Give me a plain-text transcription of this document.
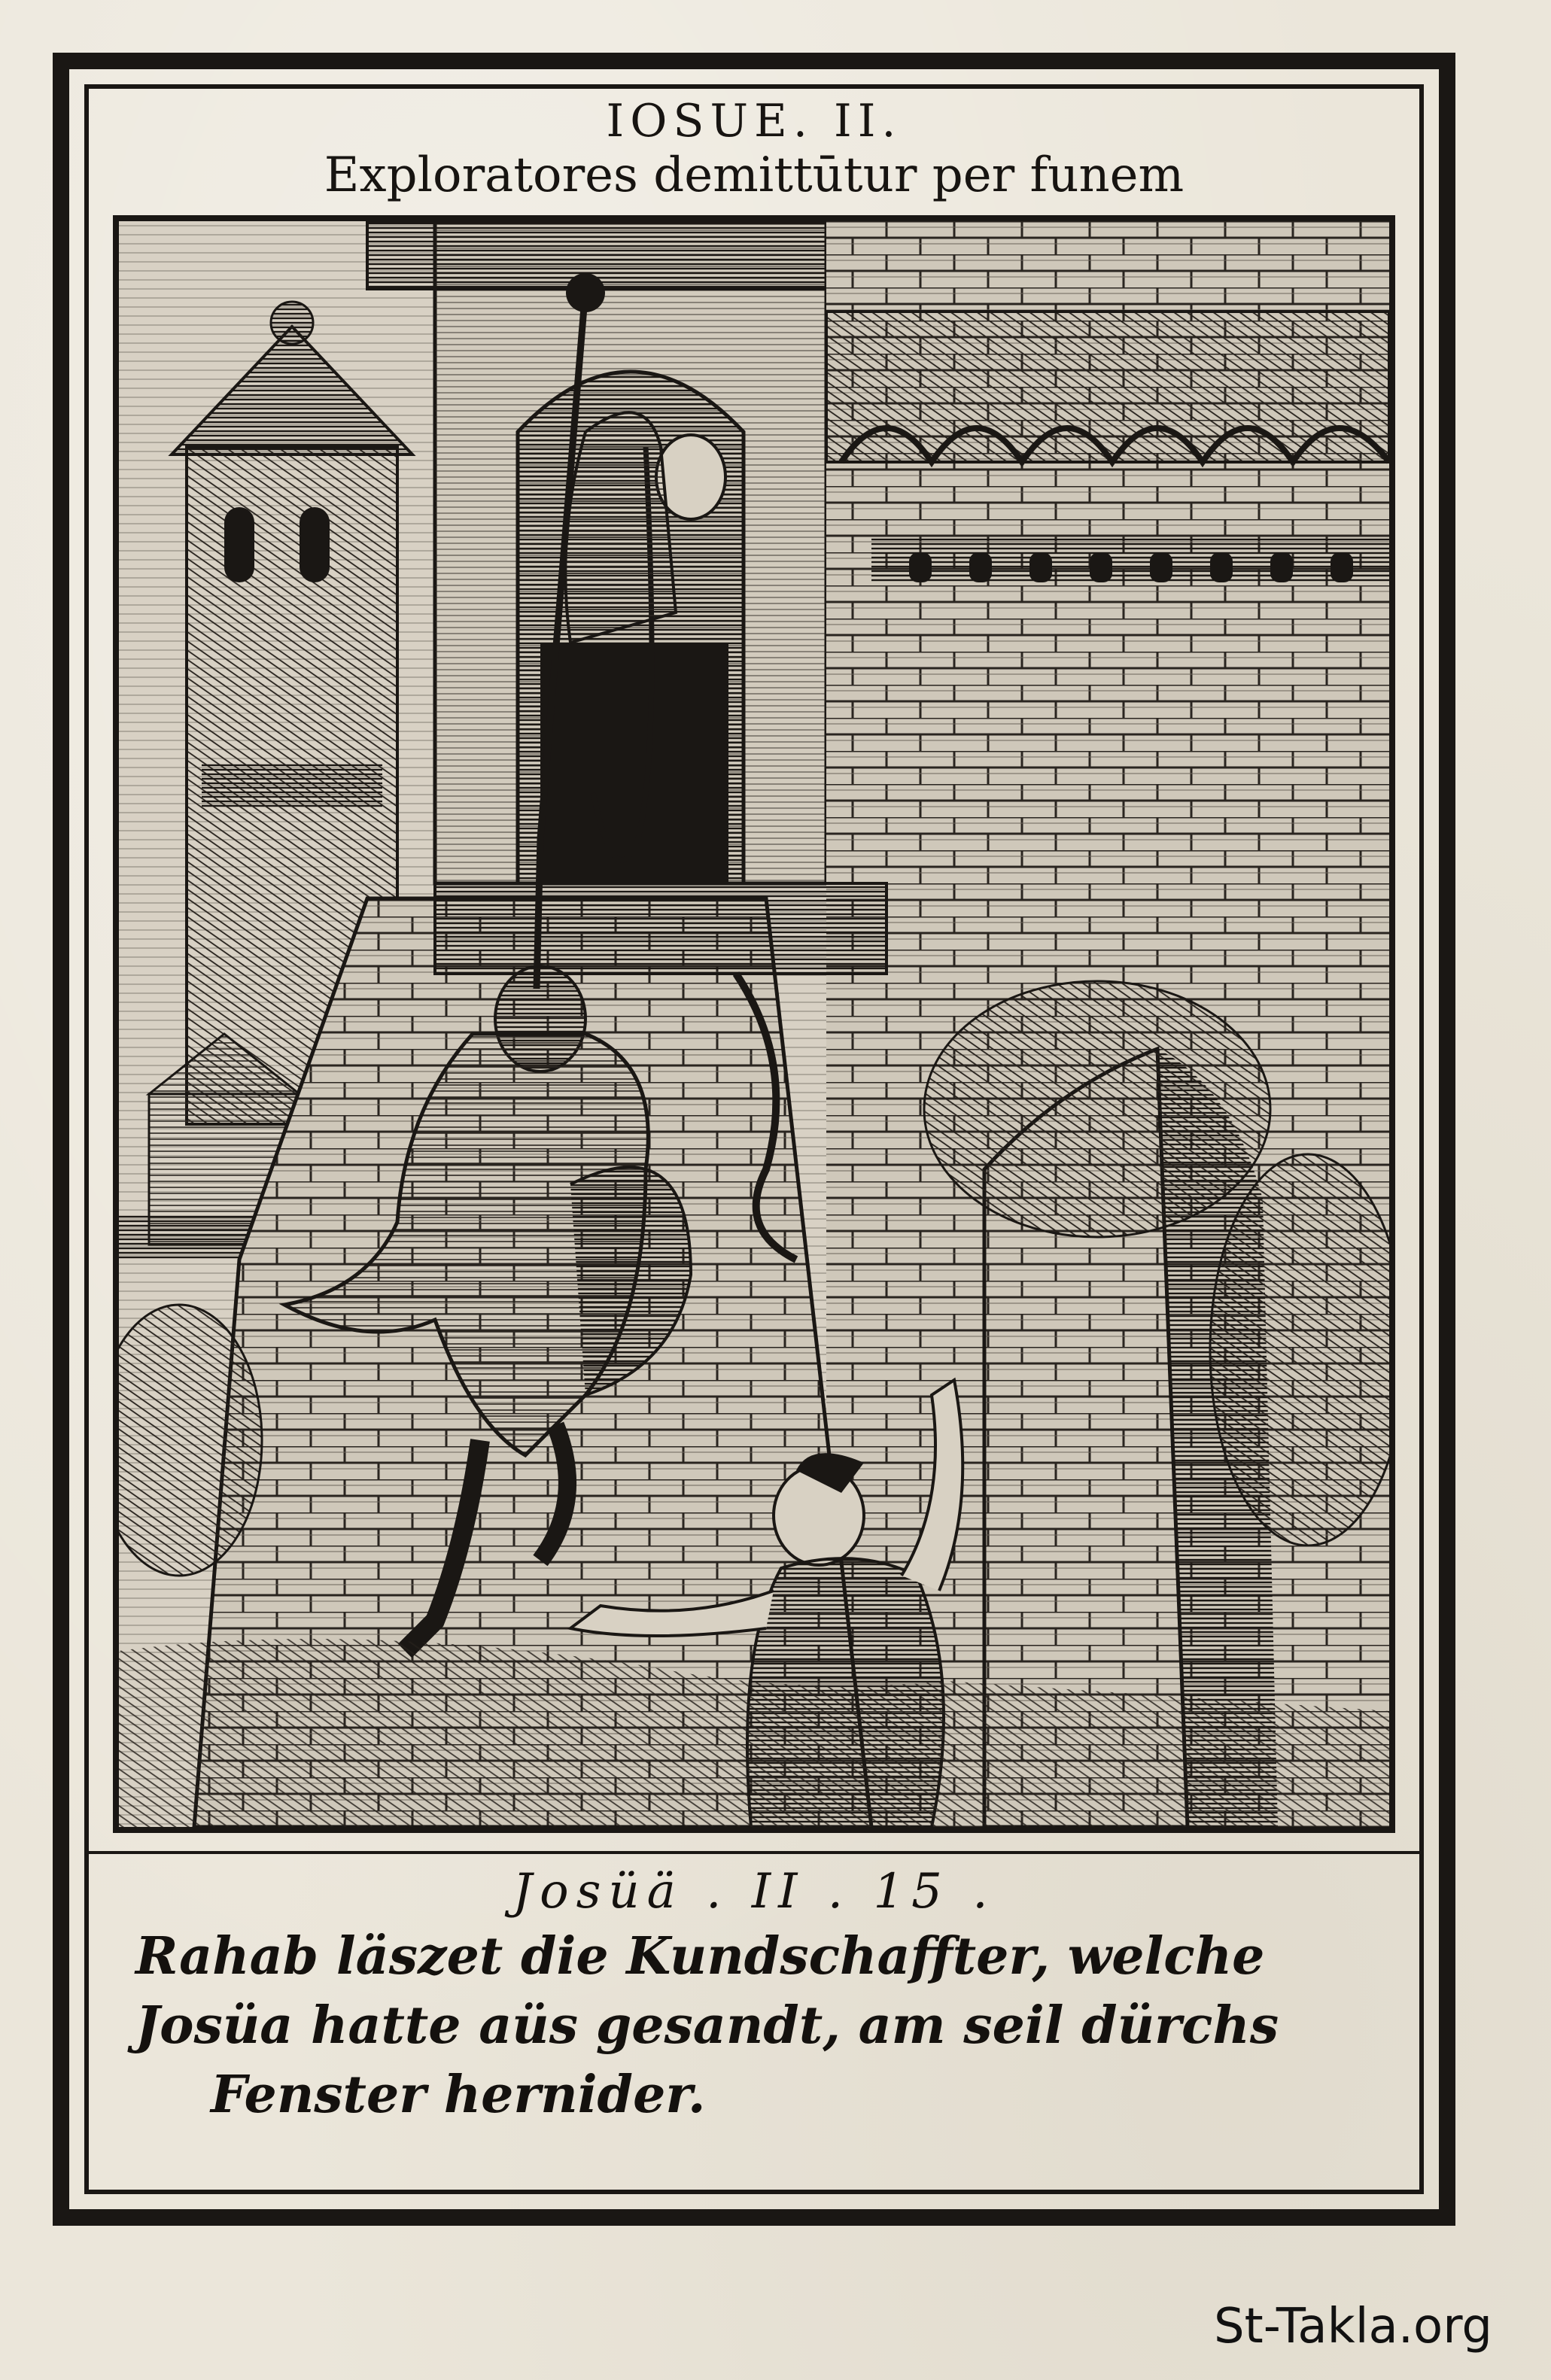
IOSUE. II.
Exploratores demittūtur per funem
Josüä . II . 15 .
Rahab läszet die Kundschaffter, welche
Josüa hatte aüs gesandt, am seil dürchs
Fenster hernider.
St-Takla.org
